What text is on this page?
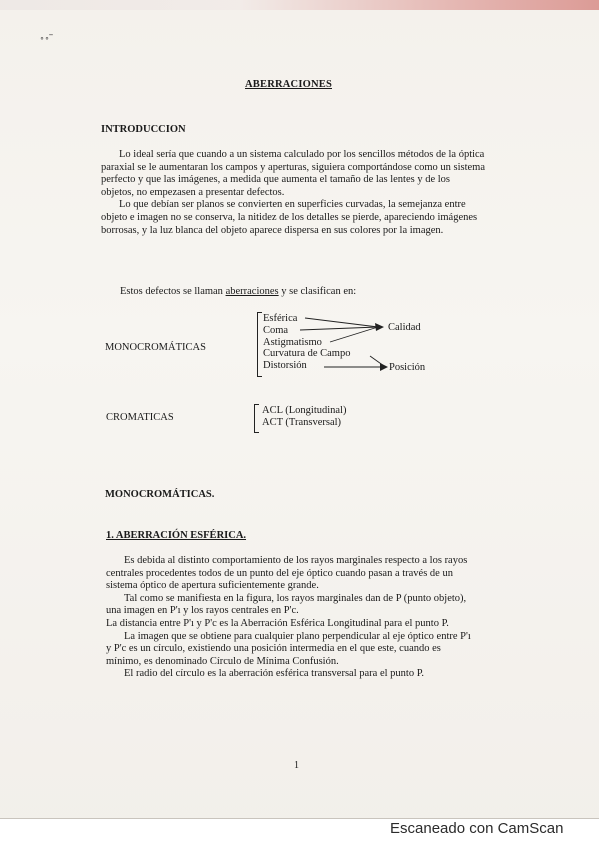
̥ ̥˗
ABERRACIONES
INTRODUCCION

Lo ideal sería que cuando a un sistema calculado por los sencillos métodos de la óptica paraxial se le aumentaran los campos y aperturas, siguiera comportándose como un sistema perfecto y que las imágenes, a medida que aumenta el tamaño de las lentes y de los objetos, no empezasen a presentar defectos.

Lo que debían ser planos se convierten en superficies curvadas, la semejanza entre objeto e imagen no se conserva, la nitidez de los detalles se pierde, apareciendo imágenes borrosas, y la luz blanca del objeto aparece dispersa en sus colores por la imagen.

Estos defectos se llaman aberraciones y se clasifican en:
MONOCROMÁTICAS
Esférica
Coma
Astigmatismo
Curvatura de Campo
Distorsión
Calidad
Posición
CROMATICAS
ACL (Longitudinal)
ACT (Transversal)
MONOCROMÁTICAS.
1. ABERRACIÓN ESFÉRICA.

Es debida al distinto comportamiento de los rayos marginales respecto a los rayos centrales procedentes todos de un punto del eje óptico cuando pasan a través de un sistema óptico de apertura suficientemente grande.

Tal como se manifiesta en la figura, los rayos marginales dan de P (punto objeto), una imagen en P'ı y los rayos centrales en P'c.

La distancia entre P'ı y P'c es la Aberración Esférica Longitudinal para el punto P.

La imagen que se obtiene para cualquier plano perpendicular al eje óptico entre P'ı y P'c es un círculo, existiendo una posición intermedia en el que este, cuando es mínimo, es denominado Círculo de Mínima Confusión.

El radio del círculo es la aberración esférica transversal para el punto P.

1
Escaneado con CamScan
